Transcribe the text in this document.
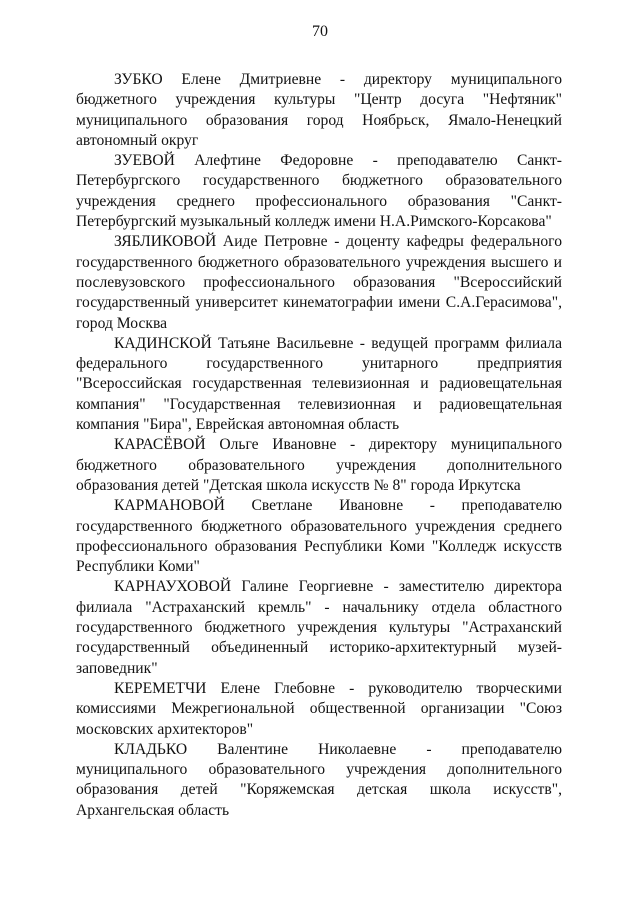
70

ЗУБКО Елене Дмитриевне - директору муниципального бюджетного учреждения культуры "Центр досуга "Нефтяник" муниципального образования город Ноябрьск, Ямало-Ненецкий автономный округ

ЗУЕВОЙ Алефтине Федоровне - преподавателю Санкт-Петербургского государственного бюджетного образовательного учреждения среднего профессионального образования "Санкт-Петербургский музыкальный колледж имени Н.А.Римского-Корсакова"

ЗЯБЛИКОВОЙ Аиде Петровне - доценту кафедры федерального государственного бюджетного образовательного учреждения высшего и послевузовского профессионального образования "Всероссийский государственный университет кинематографии имени С.А.Герасимова", город Москва

КАДИНСКОЙ Татьяне Васильевне - ведущей программ филиала федерального государственного унитарного предприятия "Всероссийская государственная телевизионная и радиовещательная компания" "Государственная телевизионная и радиовещательная компания "Бира", Еврейская автономная область

КАРАСЁВОЙ Ольге Ивановне - директору муниципального бюджетного образовательного учреждения дополнительного образования детей "Детская школа искусств № 8" города Иркутска

КАРМАНОВОЙ Светлане Ивановне - преподавателю государственного бюджетного образовательного учреждения среднего профессионального образования Республики Коми "Колледж искусств Республики Коми"

КАРНАУХОВОЙ Галине Георгиевне - заместителю директора филиала "Астраханский кремль" - начальнику отдела областного государственного бюджетного учреждения культуры "Астраханский государственный объединенный историко-архитектурный музей-заповедник"

КЕРЕМЕТЧИ Елене Глебовне - руководителю творческими комиссиями Межрегиональной общественной организации "Союз московских архитекторов"

КЛАДЬКО Валентине Николаевне - преподавателю муниципального образовательного учреждения дополнительного образования детей "Коряжемская детская школа искусств", Архангельская область
